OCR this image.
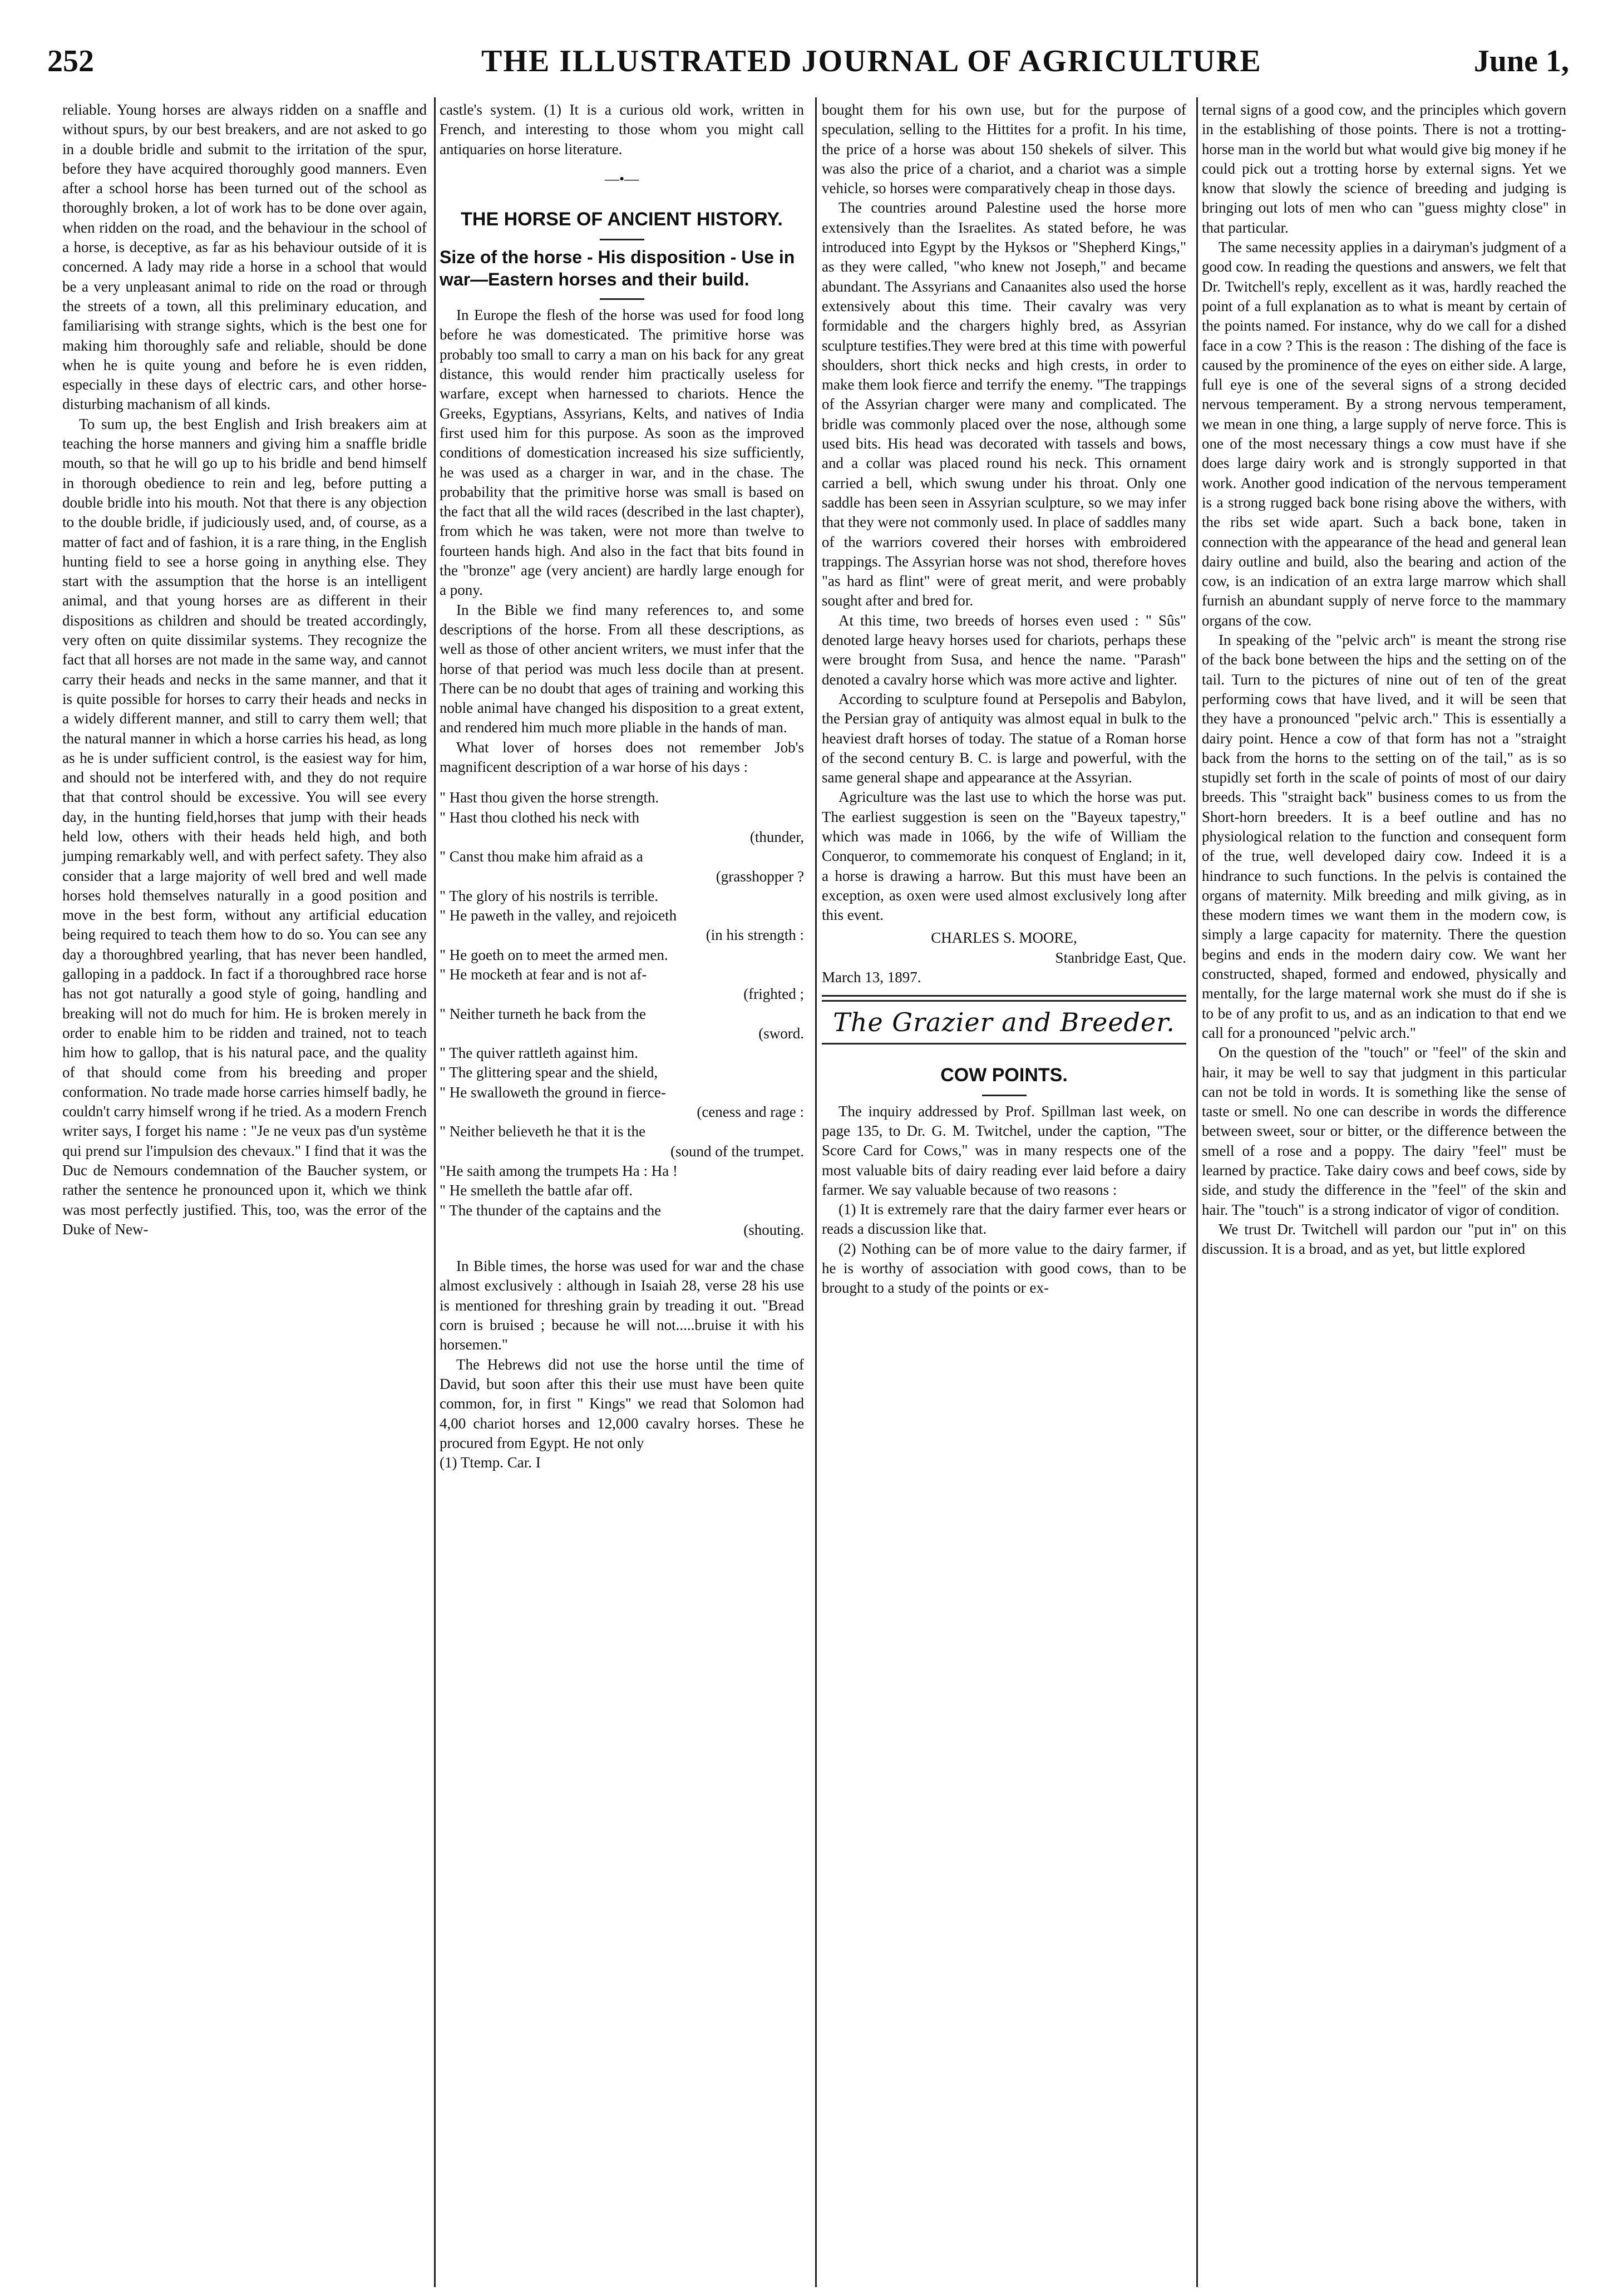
252	THE ILLUSTRATED JOURNAL OF AGRICULTURE	June 1,

reliable. Young horses are always ridden on a snaffle and without spurs, by our best breakers, and are not asked to go in a double bridle and submit to the irritation of the spur, before they have acquired thoroughly good manners. Even after a school horse has been turned out of the school as thoroughly broken, a lot of work has to be done over again, when ridden on the road, and the behaviour in the school of a horse, is deceptive, as far as his behaviour outside of it is concerned. A lady may ride a horse in a school that would be a very unpleasant animal to ride on the road or through the streets of a town, all this preliminary education, and familiarising with strange sights, which is the best one for making him thoroughly safe and reliable, should be done when he is quite young and before he is even ridden, especially in these days of electric cars, and other horse-disturbing machanism of all kinds.

To sum up, the best English and Irish breakers aim at teaching the horse manners and giving him a snaffle bridle mouth, so that he will go up to his bridle and bend himself in thorough obedience to rein and leg, before putting a double bridle into his mouth. Not that there is any objection to the double bridle, if judiciously used, and, of course, as a matter of fact and of fashion, it is a rare thing, in the English hunting field to see a horse going in anything else. They start with the assumption that the horse is an intelligent animal, and that young horses are as different in their dispositions as children and should be treated accordingly, very often on quite dissimilar systems. They recognize the fact that all horses are not made in the same way, and cannot carry their heads and necks in the same manner, and that it is quite possible for horses to carry their heads and necks in a widely different manner, and still to carry them well; that the natural manner in which a horse carries his head, as long as he is under sufficient control, is the easiest way for him, and should not be interfered with, and they do not require that that control should be excessive. You will see every day, in the hunting field,horses that jump with their heads held low, others with their heads held high, and both jumping remarkably well, and with perfect safety. They also consider that a large majority of well bred and well made horses hold themselves naturally in a good position and move in the best form, without any artificial education being required to teach them how to do so. You can see any day a thoroughbred yearling, that has never been handled, galloping in a paddock. In fact if a thoroughbred race horse has not got naturally a good style of going, handling and breaking will not do much for him. He is broken merely in order to enable him to be ridden and trained, not to teach him how to gallop, that is his natural pace, and the quality of that should come from his breeding and proper conformation. No trade made horse carries himself badly, he couldn't carry himself wrong if he tried. As a modern French writer says, I forget his name : "Je ne veux pas d'un système qui prend sur l'impulsion des chevaux." I find that it was the Duc de Nemours condemnation of the Baucher system, or rather the sentence he pronounced upon it, which we think was most perfectly justified. This, too, was the error of the Duke of New-

castle's system. (1) It is a curious old work, written in French, and interesting to those whom you might call antiquaries on horse literature.

—•—
THE HORSE OF ANCIENT HISTORY.
Size of the horse - His disposition - Use in war—Eastern horses and their build.

In Europe the flesh of the horse was used for food long before he was domesticated. The primitive horse was probably too small to carry a man on his back for any great distance, this would render him practically useless for warfare, except when harnessed to chariots. Hence the Greeks, Egyptians, Assyrians, Kelts, and natives of India first used him for this purpose. As soon as the improved conditions of domestication increased his size sufficiently, he was used as a charger in war, and in the chase. The probability that the primitive horse was small is based on the fact that all the wild races (described in the last chapter), from which he was taken, were not more than twelve to fourteen hands high. And also in the fact that bits found in the "bronze" age (very ancient) are hardly large enough for a pony.

In the Bible we find many references to, and some descriptions of the horse. From all these descriptions, as well as those of other ancient writers, we must infer that the horse of that period was much less docile than at present. There can be no doubt that ages of training and working this noble animal have changed his disposition to a great extent, and rendered him much more pliable in the hands of man.

What lover of horses does not remember Job's magnificent description of a war horse of his days :

" Hast thou given the horse strength.
" Hast thou clothed his neck with
(thunder,
" Canst thou make him afraid as a
(grasshopper ?
" The glory of his nostrils is terrible.
" He paweth in the valley, and rejoiceth
(in his strength :
" He goeth on to meet the armed men.
" He mocketh at fear and is not af-
(frighted ;
" Neither turneth he back from the
(sword.
" The quiver rattleth against him.
" The glittering spear and the shield,
" He swalloweth the ground in fierce-
(ceness and rage :
" Neither believeth he that it is the
(sound of the trumpet.
"He saith among the trumpets Ha : Ha !
" He smelleth the battle afar off.
" The thunder of the captains and the
(shouting.

In Bible times, the horse was used for war and the chase almost exclusively : although in Isaiah 28, verse 28 his use is mentioned for threshing grain by treading it out. "Bread corn is bruised ; because he will not.....bruise it with his horsemen."

The Hebrews did not use the horse until the time of David, but soon after this their use must have been quite common, for, in first " Kings" we read that Solomon had 4,00 chariot horses and 12,000 cavalry horses. These he procured from Egypt. He not only

(1) Ttemp. Car. I

bought them for his own use, but for the purpose of speculation, selling to the Hittites for a profit. In his time, the price of a horse was about 150 shekels of silver. This was also the price of a chariot, and a chariot was a simple vehicle, so horses were comparatively cheap in those days.

The countries around Palestine used the horse more extensively than the Israelites. As stated before, he was introduced into Egypt by the Hyksos or "Shepherd Kings," as they were called, "who knew not Joseph," and became abundant. The Assyrians and Canaanites also used the horse extensively about this time. Their cavalry was very formidable and the chargers highly bred, as Assyrian sculpture testifies.They were bred at this time with powerful shoulders, short thick necks and high crests, in order to make them look fierce and terrify the enemy. "The trappings of the Assyrian charger were many and complicated. The bridle was commonly placed over the nose, although some used bits. His head was decorated with tassels and bows, and a collar was placed round his neck. This ornament carried a bell, which swung under his throat. Only one saddle has been seen in Assyrian sculpture, so we may infer that they were not commonly used. In place of saddles many of the warriors covered their horses with embroidered trappings. The Assyrian horse was not shod, therefore hoves "as hard as flint" were of great merit, and were probably sought after and bred for.

At this time, two breeds of horses even used : " Sûs" denoted large heavy horses used for chariots, perhaps these were brought from Susa, and hence the name. "Parash" denoted a cavalry horse which was more active and lighter.

According to sculpture found at Persepolis and Babylon, the Persian gray of antiquity was almost equal in bulk to the heaviest draft horses of today. The statue of a Roman horse of the second century B. C. is large and powerful, with the same general shape and appearance at the Assyrian.

Agriculture was the last use to which the horse was put. The earliest suggestion is seen on the "Bayeux tapestry," which was made in 1066, by the wife of William the Conqueror, to commemorate his conquest of England; in it, a horse is drawing a harrow. But this must have been an exception, as oxen were used almost exclusively long after this event.

CHARLES S. MOORE,
Stanbridge East, Que.
March 13, 1897.
The Grazier and Breeder.
COW POINTS.

The inquiry addressed by Prof. Spillman last week, on page 135, to Dr. G. M. Twitchel, under the caption, "The Score Card for Cows," was in many respects one of the most valuable bits of dairy reading ever laid before a dairy farmer. We say valuable because of two reasons :

(1) It is extremely rare that the dairy farmer ever hears or reads a discussion like that.

(2) Nothing can be of more value to the dairy farmer, if he is worthy of association with good cows, than to be brought to a study of the points or ex-

ternal signs of a good cow, and the principles which govern in the establishing of those points. There is not a trotting-horse man in the world but what would give big money if he could pick out a trotting horse by external signs. Yet we know that slowly the science of breeding and judging is bringing out lots of men who can "guess mighty close" in that particular.

The same necessity applies in a dairyman's judgment of a good cow. In reading the questions and answers, we felt that Dr. Twitchell's reply, excellent as it was, hardly reached the point of a full explanation as to what is meant by certain of the points named. For instance, why do we call for a dished face in a cow ? This is the reason : The dishing of the face is caused by the prominence of the eyes on either side. A large, full eye is one of the several signs of a strong decided nervous temperament. By a strong nervous temperament, we mean in one thing, a large supply of nerve force. This is one of the most necessary things a cow must have if she does large dairy work and is strongly supported in that work. Another good indication of the nervous temperament is a strong rugged back bone rising above the withers, with the ribs set wide apart. Such a back bone, taken in connection with the appearance of the head and general lean dairy outline and build, also the bearing and action of the cow, is an indication of an extra large marrow which shall furnish an abundant supply of nerve force to the mammary organs of the cow.

In speaking of the "pelvic arch" is meant the strong rise of the back bone between the hips and the setting on of the tail. Turn to the pictures of nine out of ten of the great performing cows that have lived, and it will be seen that they have a pronounced "pelvic arch." This is essentially a dairy point. Hence a cow of that form has not a "straight back from the horns to the setting on of the tail," as is so stupidly set forth in the scale of points of most of our dairy breeds. This "straight back" business comes to us from the Short-horn breeders. It is a beef outline and has no physiological relation to the function and consequent form of the true, well developed dairy cow. Indeed it is a hindrance to such functions. In the pelvis is contained the organs of maternity. Milk breeding and milk giving, as in these modern times we want them in the modern cow, is simply a large capacity for maternity. There the question begins and ends in the modern dairy cow. We want her constructed, shaped, formed and endowed, physically and mentally, for the large maternal work she must do if she is to be of any profit to us, and as an indication to that end we call for a pronounced "pelvic arch."

On the question of the "touch" or "feel" of the skin and hair, it may be well to say that judgment in this particular can not be told in words. It is something like the sense of taste or smell. No one can describe in words the difference between sweet, sour or bitter, or the difference between the smell of a rose and a poppy. The dairy "feel" must be learned by practice. Take dairy cows and beef cows, side by side, and study the difference in the "feel" of the skin and hair. The "touch" is a strong indicator of vigor of condition.

We trust Dr. Twitchell will pardon our "put in" on this discussion. It is a broad, and as yet, but little explored
